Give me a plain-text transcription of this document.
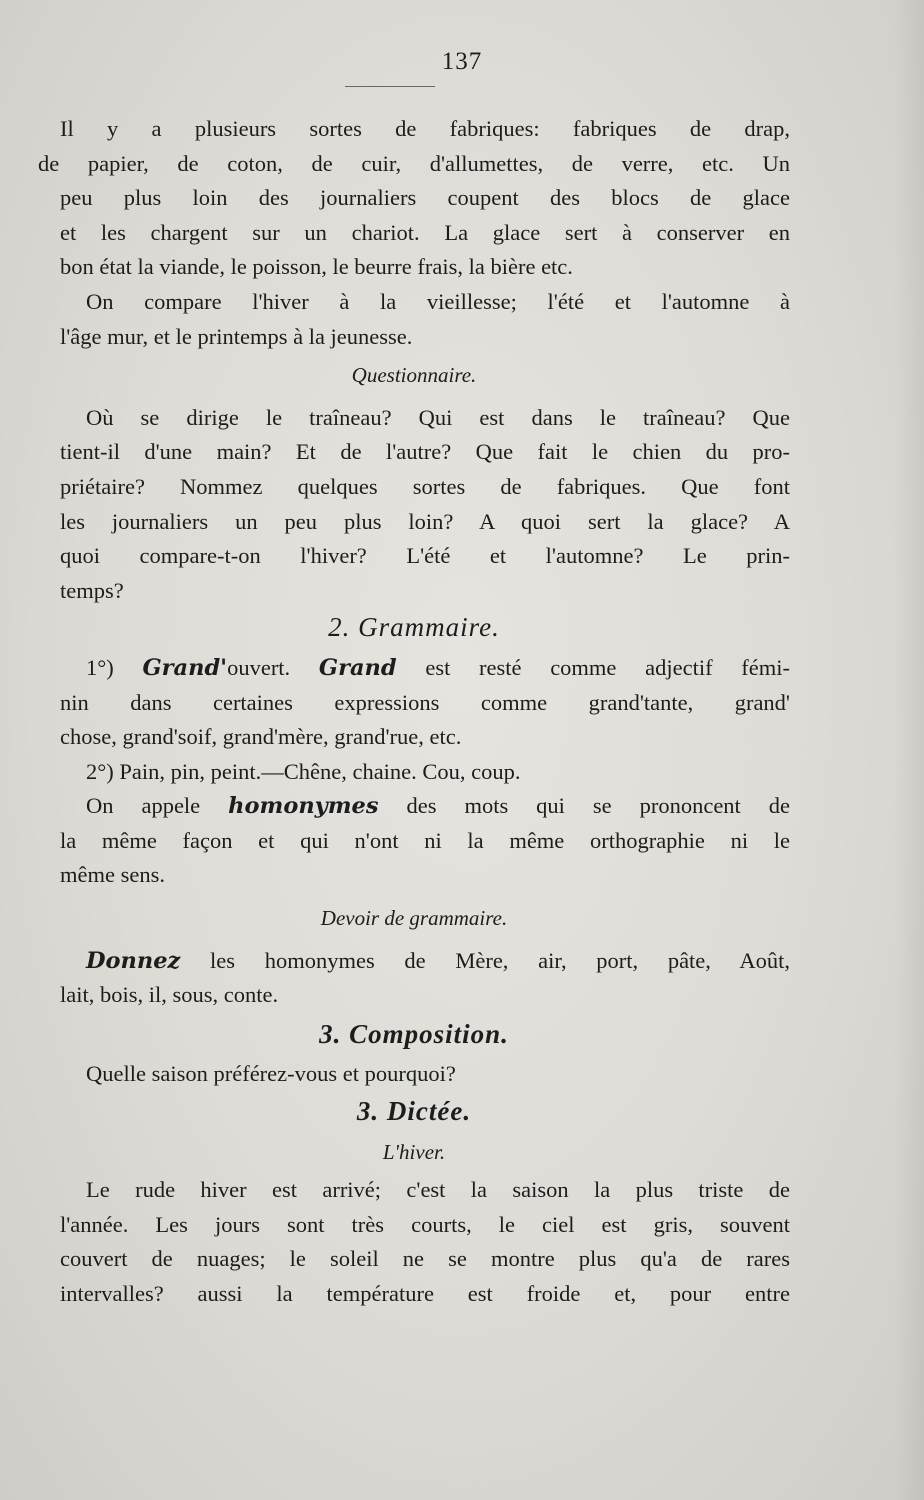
137

Il y a plusieurs sortes de fabriques: fabriques de drap,
de papier, de coton, de cuir, d'allumettes, de verre, etc. Un
peu plus loin des journaliers coupent des blocs de glace
et les chargent sur un chariot. La glace sert à conserver en
bon état la viande, le poisson, le beurre frais, la bière etc.

On compare l'hiver à la vieillesse; l'été et l'automne à
l'âge mur, et le printemps à la jeunesse.

Questionnaire.

Où se dirige le traîneau? Qui est dans le traîneau? Que
tient-il d'une main? Et de l'autre? Que fait le chien du pro-
priétaire? Nommez quelques sortes de fabriques. Que font
les journaliers un peu plus loin? A quoi sert la glace? A
quoi compare-t-on l'hiver? L'été et l'automne? Le prin-
temps?

2. Grammaire.

1°) Grand'ouvert. Grand est resté comme adjectif fémi-
nin dans certaines expressions comme grand'tante, grand'
chose, grand'soif, grand'mère, grand'rue, etc.

2°) Pain, pin, peint.—Chêne, chaine. Cou, coup.

On appele homonymes des mots qui se prononcent de
la même façon et qui n'ont ni la même orthographie ni le
même sens.

Devoir de grammaire.

Donnez les homonymes de Mère, air, port, pâte, Août,
lait, bois, il, sous, conte.

3. Composition.

Quelle saison préférez-vous et pourquoi?

3. Dictée.
L'hiver.

Le rude hiver est arrivé; c'est la saison la plus triste de
l'année. Les jours sont très courts, le ciel est gris, souvent
couvert de nuages; le soleil ne se montre plus qu'a de rares
intervalles? aussi la température est froide et, pour entre
